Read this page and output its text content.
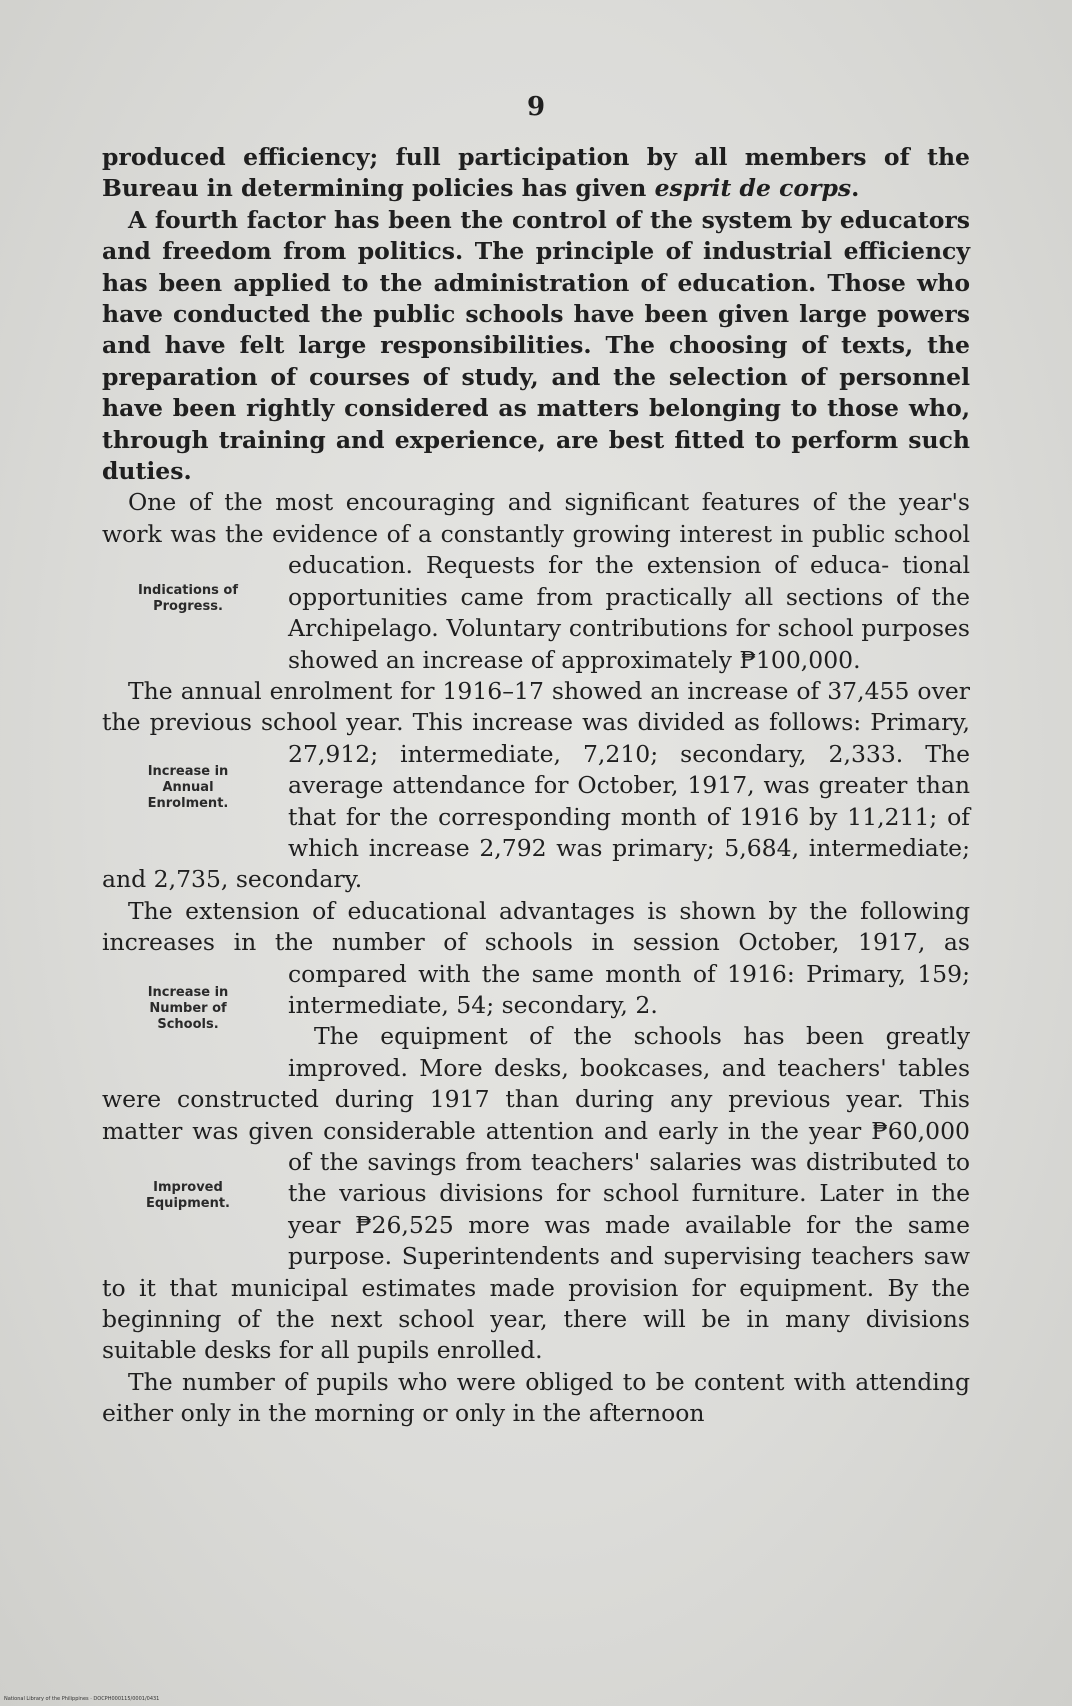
9

produced efficiency; full participation by all members of the Bureau in determining policies has given esprit de corps.

A fourth factor has been the control of the system by educators and freedom from politics. The principle of industrial efficiency has been applied to the administration of education. Those who have conducted the public schools have been given large powers and have felt large responsibilities. The choosing of texts, the preparation of courses of study, and the selection of personnel have been rightly considered as matters belonging to those who, through training and experience, are best fitted to perform such duties.

One of the most encouraging and significant features of the year's work was the evidence of a constantly growing interest in public school education. Requests for the extension of educa-
Indications of
Progress.
tional opportunities came from practically all sections of the Archipelago. Voluntary contributions for school purposes showed an increase of approximately ₱100,000.

The annual enrolment for 1916–17 showed an increase of 37,455 over the previous school year. This increase was divided as follows: Primary, 27,912; intermediate, 7,210; secondary,
Increase in
Annual
Enrolment.
2,333. The average attendance for October, 1917, was greater than that for the corresponding month of 1916 by 11,211; of which increase 2,792 was primary; 5,684, intermediate; and 2,735, secondary.

The extension of educational advantages is shown by the following increases in the number of schools in session October, 1917, as compared with the same month of 1916: Primary, 159;
Increase in
Number of
Schools.
intermediate, 54; secondary, 2.

The equipment of the schools has been greatly improved. More desks, bookcases, and teachers' tables were constructed during 1917 than during any previous year. This matter was given considerable attention and early in the year ₱60,000 of the savings from teachers' salaries was
Improved
Equipment.
distributed to the various divisions for school furniture. Later in the year ₱26,525 more was made available for the same purpose. Superintendents and supervising teachers saw to it that municipal estimates made provision for equipment. By the beginning of the next school year, there will be in many divisions suitable desks for all pupils enrolled.

The number of pupils who were obliged to be content with attending either only in the morning or only in the afternoon

National Library of the Philippines · DOCPH000115/0001/0431
